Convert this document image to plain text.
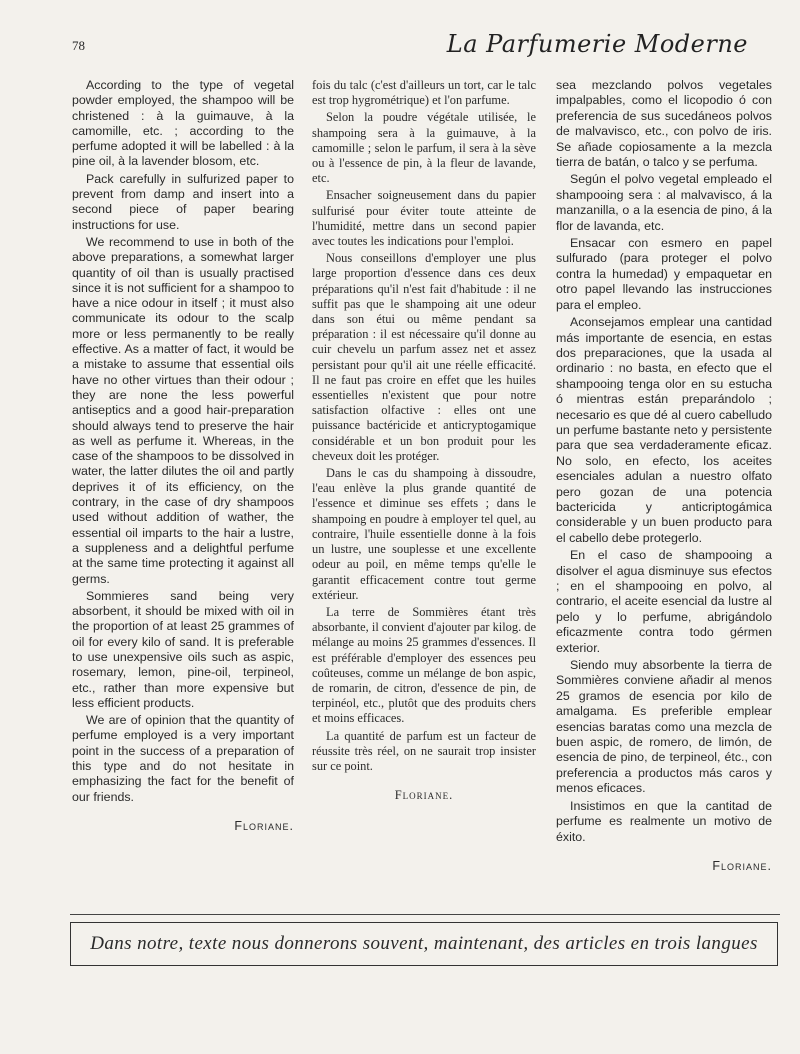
78	La Parfumerie Moderne

According to the type of vegetal powder employed, the shampoo will be christened : à la guimauve, à la camomille, etc. ; according to the perfume adopted it will be labelled : à la pine oil, à la lavender blosom, etc.

Pack carefully in sulfurized paper to prevent from damp and insert into a second piece of paper bearing instructions for use.

We recommend to use in both of the above preparations, a somewhat larger quantity of oil than is usually practised since it is not sufficient for a shampoo to have a nice odour in itself ; it must also communicate its odour to the scalp more or less permanently to be really effective. As a matter of fact, it would be a mistake to assume that essential oils have no other virtues than their odour ; they are none the less powerful antiseptics and a good hair-preparation should always tend to preserve the hair as well as perfume it. Whereas, in the case of the shampoos to be dissolved in water, the latter dilutes the oil and partly deprives it of its efficiency, on the contrary, in the case of dry shampoos used without addition of wather, the essential oil imparts to the hair a lustre, a suppleness and a delightful perfume at the same time protecting it against all germs.

Sommieres sand being very absorbent, it should be mixed with oil in the proportion of at least 25 grammes of oil for every kilo of sand. It is preferable to use unexpensive oils such as aspic, rosemary, lemon, pine-oil, terpineol, etc., rather than more expensive but less efficient products.

We are of opinion that the quantity of perfume employed is a very important point in the success of a preparation of this type and do not hesitate in emphasizing the fact for the benefit of our friends.

Floriane.

fois du talc (c'est d'ailleurs un tort, car le talc est trop hygrométrique) et l'on parfume.

Selon la poudre végétale utilisée, le shampoing sera à la guimauve, à la camomille ; selon le parfum, il sera à la sève ou à l'essence de pin, à la fleur de lavande, etc.

Ensacher soigneusement dans du papier sulfurisé pour éviter toute atteinte de l'humidité, mettre dans un second papier avec toutes les indications pour l'emploi.

Nous conseillons d'employer une plus large proportion d'essence dans ces deux préparations qu'il n'est fait d'habitude : il ne suffit pas que le shampoing ait une odeur dans son étui ou même pendant sa préparation : il est nécessaire qu'il donne au cuir chevelu un parfum assez net et assez persistant pour qu'il ait une réelle efficacité. Il ne faut pas croire en effet que les huiles essentielles n'existent que pour notre satisfaction olfactive : elles ont une puissance bactéricide et anticryptogamique considérable et un bon produit pour les cheveux doit les protéger.

Dans le cas du shampoing à dissoudre, l'eau enlève la plus grande quantité de l'essence et diminue ses effets ; dans le shampoing en poudre à employer tel quel, au contraire, l'huile essentielle donne à la fois un lustre, une souplesse et une excellente odeur au poil, en même temps qu'elle le garantit efficacement contre tout germe extérieur.

La terre de Sommières étant très absorbante, il convient d'ajouter par kilog. de mélange au moins 25 grammes d'essences. Il est préférable d'employer des essences peu coûteuses, comme un mélange de bon aspic, de romarin, de citron, d'essence de pin, de terpinéol, etc., plutôt que des produits chers et moins efficaces.

La quantité de parfum est un facteur de réussite très réel, on ne saurait trop insister sur ce point.

Floriane.

sea mezclando polvos vegetales impalpables, como el licopodio ó con preferencia de sus sucedáneos polvos de malvavisco, etc., con polvo de iris. Se añade copiosamente a la mezcla tierra de batán, o talco y se perfuma.

Según el polvo vegetal empleado el shampooing sera : al malvavisco, á la manzanilla, o a la esencia de pino, á la flor de lavanda, etc.

Ensacar con esmero en papel sulfurado (para proteger el polvo contra la humedad) y empaquetar en otro papel llevando las instrucciones para el empleo.

Aconsejamos emplear una cantidad más importante de esencia, en estas dos preparaciones, que la usada al ordinario : no basta, en efecto que el shampooing tenga olor en su estucha ó mientras están preparándolo ; necesario es que dé al cuero cabelludo un perfume bastante neto y persistente para que sea verdaderamente eficaz. No solo, en efecto, los aceites esenciales adulan a nuestro olfato pero gozan de una potencia bactericida y anticriptogámica considerable y un buen producto para el cabello debe protegerlo.

En el caso de shampooing a disolver el agua disminuye sus efectos ; en el shampooing en polvo, al contrario, el aceite esencial da lustre al pelo y lo perfume, abrigándolo eficazmente contra todo gérmen exterior.

Siendo muy absorbente la tierra de Sommières conviene añadir al menos 25 gramos de esencia por kilo de amalgama. Es preferible emplear esencias baratas como una mezcla de buen aspic, de romero, de limón, de esencia de pino, de terpineol, étc., con preferencia a productos más caros y menos eficaces.

Insistimos en que la cantitad de perfume es realmente un motivo de éxito.

Floriane.
Dans notre, texte nous donnerons souvent, maintenant, des articles en trois langues
